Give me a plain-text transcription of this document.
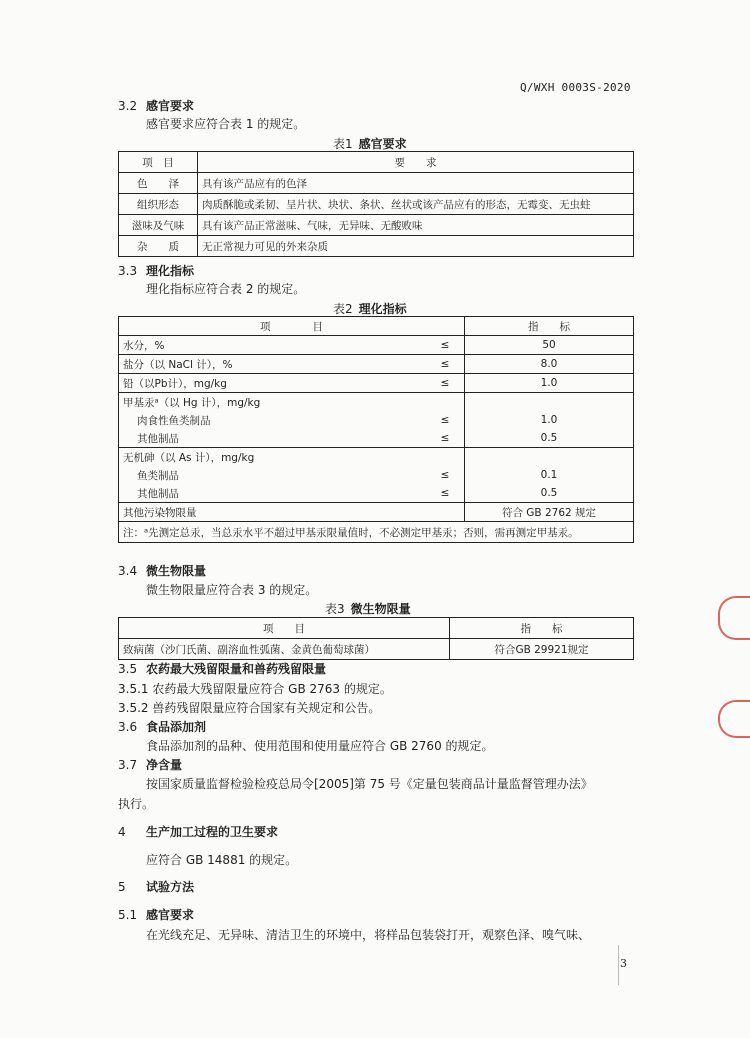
Q/WXH 0003S-2020
3.2 感官要求
感官要求应符合表 1 的规定。
表1 感官要求
项　目	要　　求
色　　泽	具有该产品应有的色泽
组织形态	肉质酥脆或柔韧、呈片状、块状、条状、丝状或该产品应有的形态，无霉变、无虫蛀
滋味及气味	具有该产品正常滋味、气味，无异味、无酸败味
杂　　质	无正常视力可见的外来杂质
3.3 理化指标
理化指标应符合表 2 的规定。
表2 理化指标
项　　　　目		指　　标
水分，%	≤	50
盐分（以 NaCl 计），%	≤	8.0
铅（以Pb计），mg/kg	≤	1.0
甲基汞ᵃ（以 Hg 计），mg/kg		
肉食性鱼类制品	≤	1.0
其他制品	≤	0.5
无机砷（以 As 计），mg/kg		
鱼类制品	≤	0.1
其他制品	≤	0.5
其他污染物限量		符合 GB 2762 规定
注：ᵃ先测定总汞，当总汞水平不超过甲基汞限量值时，不必测定甲基汞；否则，需再测定甲基汞。		
3.4 微生物限量
微生物限量应符合表 3 的规定。
表3 微生物限量
项　　目	指　　标
致病菌（沙门氏菌、副溶血性弧菌、金黄色葡萄球菌）	符合GB 29921规定
3.5 农药最大残留限量和兽药残留限量
3.5.1 农药最大残留限量应符合 GB 2763 的规定。
3.5.2 兽药残留限量应符合国家有关规定和公告。
3.6 食品添加剂
食品添加剂的品种、使用范围和使用量应符合 GB 2760 的规定。
3.7 净含量
按国家质量监督检验检疫总局令[2005]第 75 号《定量包装商品计量监督管理办法》
执行。
4 生产加工过程的卫生要求
应符合 GB 14881 的规定。
5 试验方法
5.1 感官要求
在光线充足、无异味、清洁卫生的环境中，将样品包装袋打开，观察色泽、嗅气味、
3
